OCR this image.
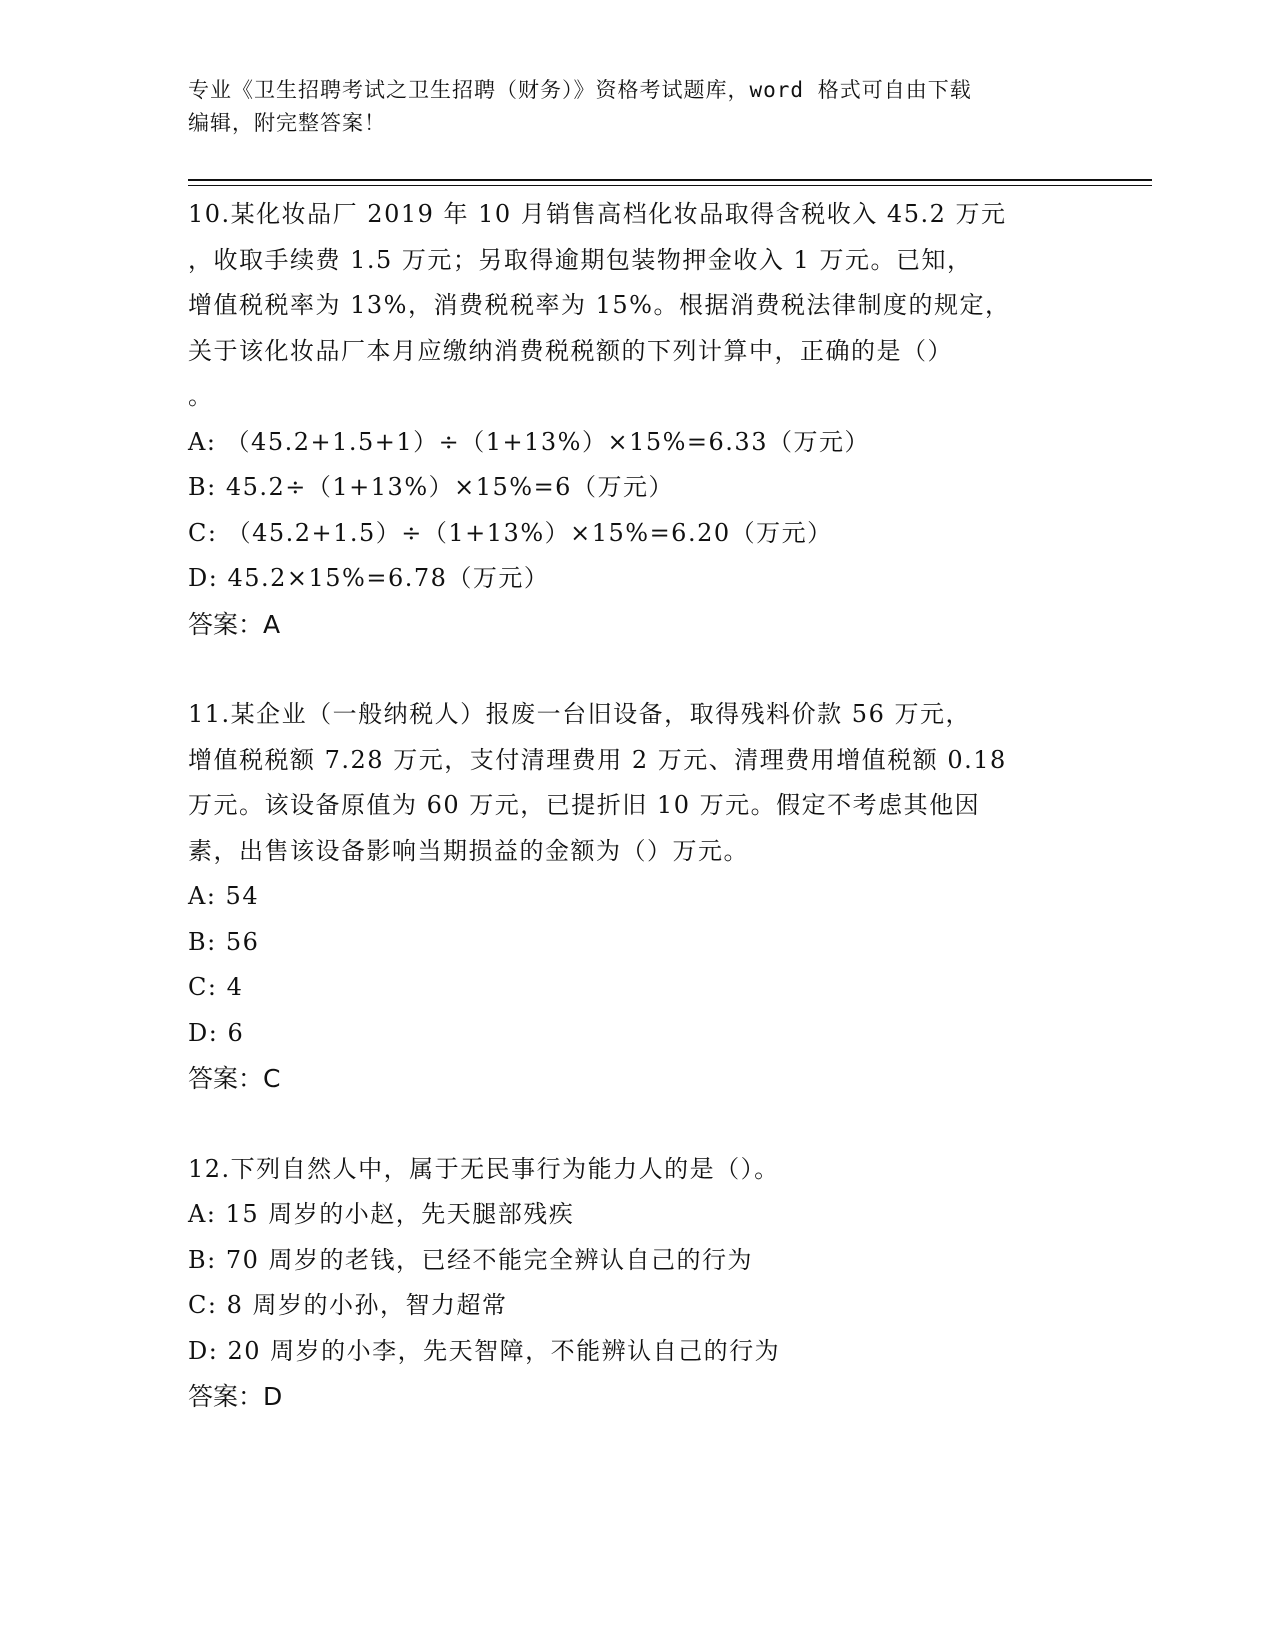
专业《卫生招聘考试之卫生招聘（财务）》资格考试题库，word 格式可自由下载
编辑，附完整答案！
10.某化妆品厂 2019 年 10 月销售高档化妆品取得含税收入 45.2 万元
，收取手续费 1.5 万元；另取得逾期包装物押金收入 1 万元。已知，
增值税税率为 13%，消费税税率为 15%。根据消费税法律制度的规定，
关于该化妆品厂本月应缴纳消费税税额的下列计算中，正确的是（）
。
A: （45.2+1.5+1）÷（1+13%）×15%=6.33（万元）
B: 45.2÷（1+13%）×15%=6（万元）
C: （45.2+1.5）÷（1+13%）×15%=6.20（万元）
D: 45.2×15%=6.78（万元）
答案：A
11.某企业（一般纳税人）报废一台旧设备，取得残料价款 56 万元，
增值税税额 7.28 万元，支付清理费用 2 万元、清理费用增值税额 0.18
万元。该设备原值为 60 万元，已提折旧 10 万元。假定不考虑其他因
素，出售该设备影响当期损益的金额为（）万元。
A: 54
B: 56
C: 4
D: 6
答案：C
12.下列自然人中，属于无民事行为能力人的是（）。
A: 15 周岁的小赵，先天腿部残疾
B: 70 周岁的老钱，已经不能完全辨认自己的行为
C: 8 周岁的小孙，智力超常
D: 20 周岁的小李，先天智障，不能辨认自己的行为
答案：D
